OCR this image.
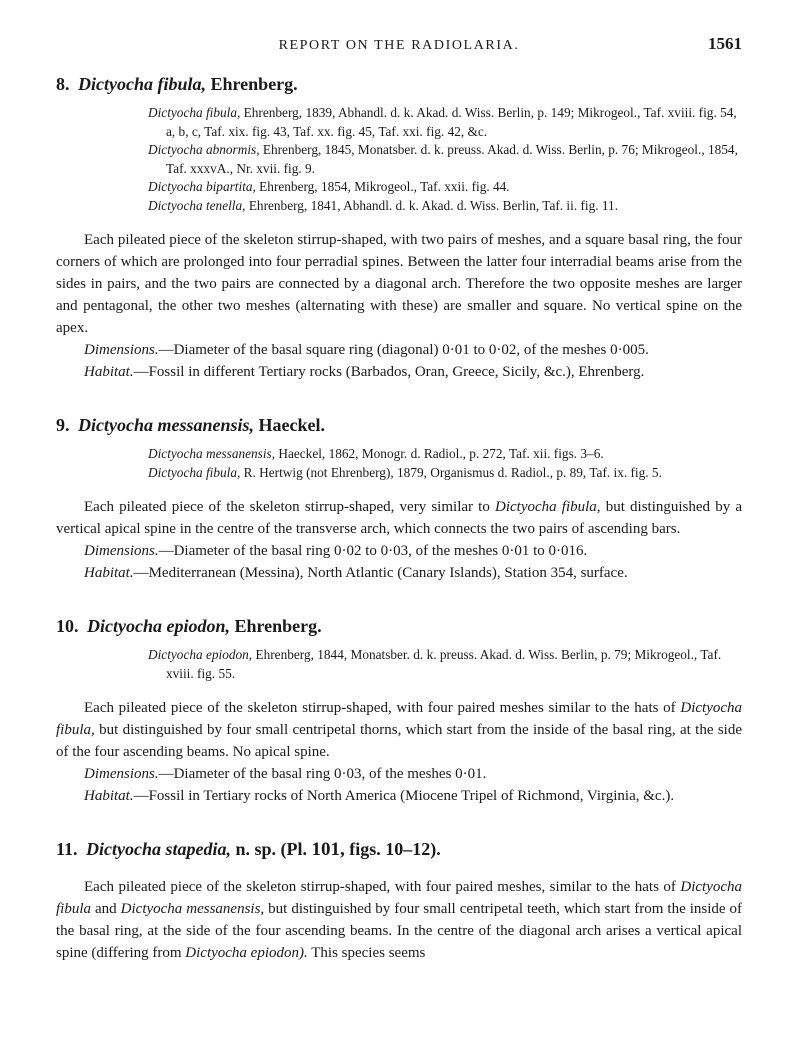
REPORT ON THE RADIOLARIA.	1561
8. Dictyocha fibula, Ehrenberg.

Dictyocha fibula, Ehrenberg, 1839, Abhandl. d. k. Akad. d. Wiss. Berlin, p. 149; Mikrogeol., Taf. xviii. fig. 54, a, b, c, Taf. xix. fig. 43, Taf. xx. fig. 45, Taf. xxi. fig. 42, &c.

Dictyocha abnormis, Ehrenberg, 1845, Monatsber. d. k. preuss. Akad. d. Wiss. Berlin, p. 76; Mikrogeol., 1854, Taf. xxxvA., Nr. xvii. fig. 9.

Dictyocha bipartita, Ehrenberg, 1854, Mikrogeol., Taf. xxii. fig. 44.

Dictyocha tenella, Ehrenberg, 1841, Abhandl. d. k. Akad. d. Wiss. Berlin, Taf. ii. fig. 11.

Each pileated piece of the skeleton stirrup-shaped, with two pairs of meshes, and a square basal ring, the four corners of which are prolonged into four perradial spines. Between the latter four interradial beams arise from the sides in pairs, and the two pairs are connected by a diagonal arch. Therefore the two opposite meshes are larger and pentagonal, the other two meshes (alternating with these) are smaller and square. No vertical spine on the apex.

Dimensions.—Diameter of the basal square ring (diagonal) 0·01 to 0·02, of the meshes 0·005.

Habitat.—Fossil in different Tertiary rocks (Barbados, Oran, Greece, Sicily, &c.), Ehrenberg.

9. Dictyocha messanensis, Haeckel.

Dictyocha messanensis, Haeckel, 1862, Monogr. d. Radiol., p. 272, Taf. xii. figs. 3–6.

Dictyocha fibula, R. Hertwig (not Ehrenberg), 1879, Organismus d. Radiol., p. 89, Taf. ix. fig. 5.

Each pileated piece of the skeleton stirrup-shaped, very similar to Dictyocha fibula, but distinguished by a vertical apical spine in the centre of the transverse arch, which connects the two pairs of ascending bars.

Dimensions.—Diameter of the basal ring 0·02 to 0·03, of the meshes 0·01 to 0·016.

Habitat.—Mediterranean (Messina), North Atlantic (Canary Islands), Station 354, surface.

10. Dictyocha epiodon, Ehrenberg.

Dictyocha epiodon, Ehrenberg, 1844, Monatsber. d. k. preuss. Akad. d. Wiss. Berlin, p. 79; Mikrogeol., Taf. xviii. fig. 55.

Each pileated piece of the skeleton stirrup-shaped, with four paired meshes similar to the hats of Dictyocha fibula, but distinguished by four small centripetal thorns, which start from the inside of the basal ring, at the side of the four ascending beams. No apical spine.

Dimensions.—Diameter of the basal ring 0·03, of the meshes 0·01.

Habitat.—Fossil in Tertiary rocks of North America (Miocene Tripel of Richmond, Virginia, &c.).

11. Dictyocha stapedia, n. sp. (Pl. 101, figs. 10–12).

Each pileated piece of the skeleton stirrup-shaped, with four paired meshes, similar to the hats of Dictyocha fibula and Dictyocha messanensis, but distinguished by four small centripetal teeth, which start from the inside of the basal ring, at the side of the four ascending beams. In the centre of the diagonal arch arises a vertical apical spine (differing from Dictyocha epiodon). This species seems
